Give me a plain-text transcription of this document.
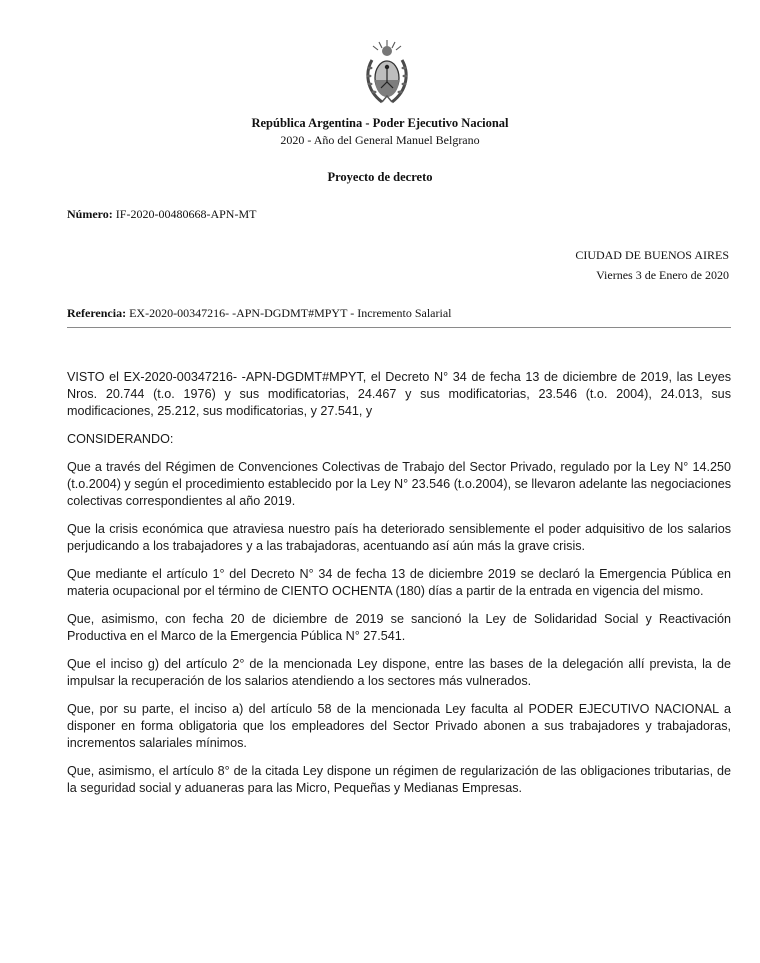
República Argentina - Poder Ejecutivo Nacional
2020 - Año del General Manuel Belgrano
Proyecto de decreto
Número: IF-2020-00480668-APN-MT
CIUDAD DE BUENOS AIRES
Viernes 3 de Enero de 2020
Referencia: EX-2020-00347216- -APN-DGDMT#MPYT - Incremento Salarial

VISTO el EX-2020-00347216- -APN-DGDMT#MPYT, el Decreto N° 34 de fecha 13 de diciembre de 2019, las Leyes Nros. 20.744 (t.o. 1976) y sus modificatorias, 24.467 y sus modificatorias, 23.546 (t.o. 2004), 24.013, sus modificaciones, 25.212, sus modificatorias, y 27.541, y

CONSIDERANDO:

Que a través del Régimen de Convenciones Colectivas de Trabajo del Sector Privado, regulado por la Ley N° 14.250 (t.o.2004) y según el procedimiento establecido por la Ley N° 23.546 (t.o.2004), se llevaron adelante las negociaciones colectivas correspondientes al año 2019.

Que la crisis económica que atraviesa nuestro país ha deteriorado sensiblemente el poder adquisitivo de los salarios perjudicando a los trabajadores y a las trabajadoras, acentuando así aún más la grave crisis.

Que mediante el artículo 1° del Decreto N° 34 de fecha 13 de diciembre 2019 se declaró la Emergencia Pública en materia ocupacional por el término de CIENTO OCHENTA (180) días a partir de la entrada en vigencia del mismo.

Que, asimismo, con fecha 20 de diciembre de 2019 se sancionó la Ley de Solidaridad Social y Reactivación Productiva en el Marco de la Emergencia Pública N° 27.541.

Que el inciso g) del artículo 2° de la mencionada Ley dispone, entre las bases de la delegación allí prevista, la de impulsar la recuperación de los salarios atendiendo a los sectores más vulnerados.

Que, por su parte, el inciso a) del artículo 58 de la mencionada Ley faculta al PODER EJECUTIVO NACIONAL a disponer en forma obligatoria que los empleadores del Sector Privado abonen a sus trabajadores y trabajadoras, incrementos salariales mínimos.

Que, asimismo, el artículo 8° de la citada Ley dispone un régimen de regularización de las obligaciones tributarias, de la seguridad social y aduaneras para las Micro, Pequeñas y Medianas Empresas.
